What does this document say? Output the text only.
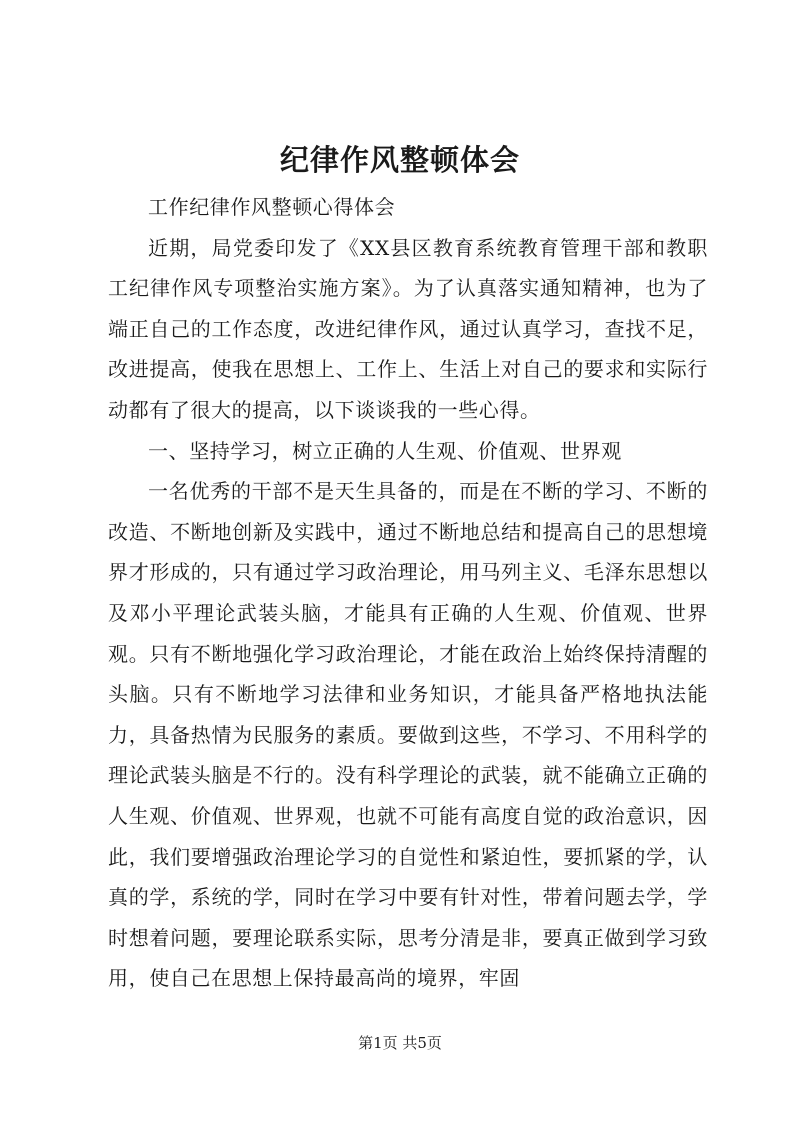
纪律作风整顿体会

工作纪律作风整顿心得体会

近期，局党委印发了《XX县区教育系统教育管理干部和教职工纪律作风专项整治实施方案》。为了认真落实通知精神，也为了端正自己的工作态度，改进纪律作风，通过认真学习，查找不足，改进提高，使我在思想上、工作上、生活上对自己的要求和实际行动都有了很大的提高，以下谈谈我的一些心得。

一、坚持学习，树立正确的人生观、价值观、世界观

一名优秀的干部不是天生具备的，而是在不断的学习、不断的改造、不断地创新及实践中，通过不断地总结和提高自己的思想境界才形成的，只有通过学习政治理论，用马列主义、毛泽东思想以及邓小平理论武装头脑，才能具有正确的人生观、价值观、世界观。只有不断地强化学习政治理论，才能在政治上始终保持清醒的头脑。只有不断地学习法律和业务知识，才能具备严格地执法能力，具备热情为民服务的素质。要做到这些，不学习、不用科学的理论武装头脑是不行的。没有科学理论的武装，就不能确立正确的人生观、价值观、世界观，也就不可能有高度自觉的政治意识，因此，我们要增强政治理论学习的自觉性和紧迫性，要抓紧的学，认真的学，系统的学，同时在学习中要有针对性，带着问题去学，学时想着问题，要理论联系实际，思考分清是非，要真正做到学习致用，使自己在思想上保持最高尚的境界，牢固

第1页 共5页
